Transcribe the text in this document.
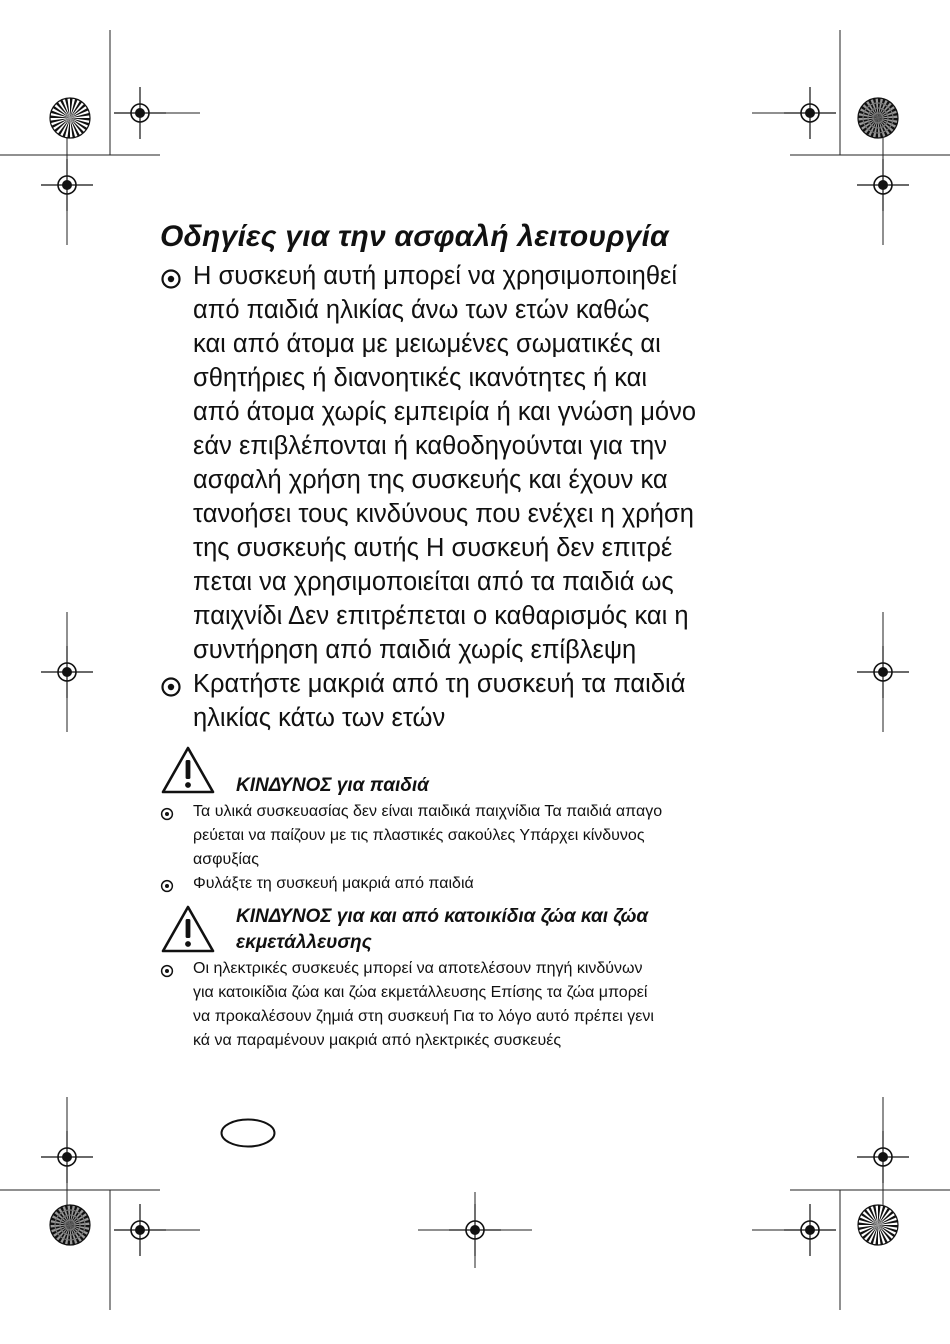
Οδηγίες για την ασφαλή λειτουργία
Η συσκευή αυτή μπορεί να χρησιμοποιηθεί
από παιδιά ηλικίας άνω των ετών καθώς
και από άτομα με μειωμένες σωματικές αι
σθητήριες ή διανοητικές ικανότητες ή και
από άτομα χωρίς εμπειρία ή και γνώση μόνο
εάν επιβλέπονται ή καθοδηγούνται για την
ασφαλή χρήση της συσκευής και έχουν κα
τανοήσει τους κινδύνους που ενέχει η χρήση
της συσκευής αυτής Η συσκευή δεν επιτρέ
πεται να χρησιμοποιείται από τα παιδιά ως
παιχνίδι Δεν επιτρέπεται ο καθαρισμός και η
συντήρηση από παιδιά χωρίς επίβλεψη
Κρατήστε μακριά από τη συσκευή τα παιδιά
ηλικίας κάτω των ετών
ΚΙΝΔΥΝΟΣ για παιδιά
Τα υλικά συσκευασίας δεν είναι παιδικά παιχνίδια Τα παιδιά απαγο
ρεύεται να παίζουν με τις πλαστικές σακούλες Υπάρχει κίνδυνος
ασφυξίας
Φυλάξτε τη συσκευή μακριά από παιδιά
ΚΙΝΔΥΝΟΣ για και από κατοικίδια ζώα και ζώα
εκμετάλλευσης
Οι ηλεκτρικές συσκευές μπορεί να αποτελέσουν πηγή κινδύνων
για κατοικίδια ζώα και ζώα εκμετάλλευσης Επίσης τα ζώα μπορεί
να προκαλέσουν ζημιά στη συσκευή Για το λόγο αυτό πρέπει γενι
κά να παραμένουν μακριά από ηλεκτρικές συσκευές
